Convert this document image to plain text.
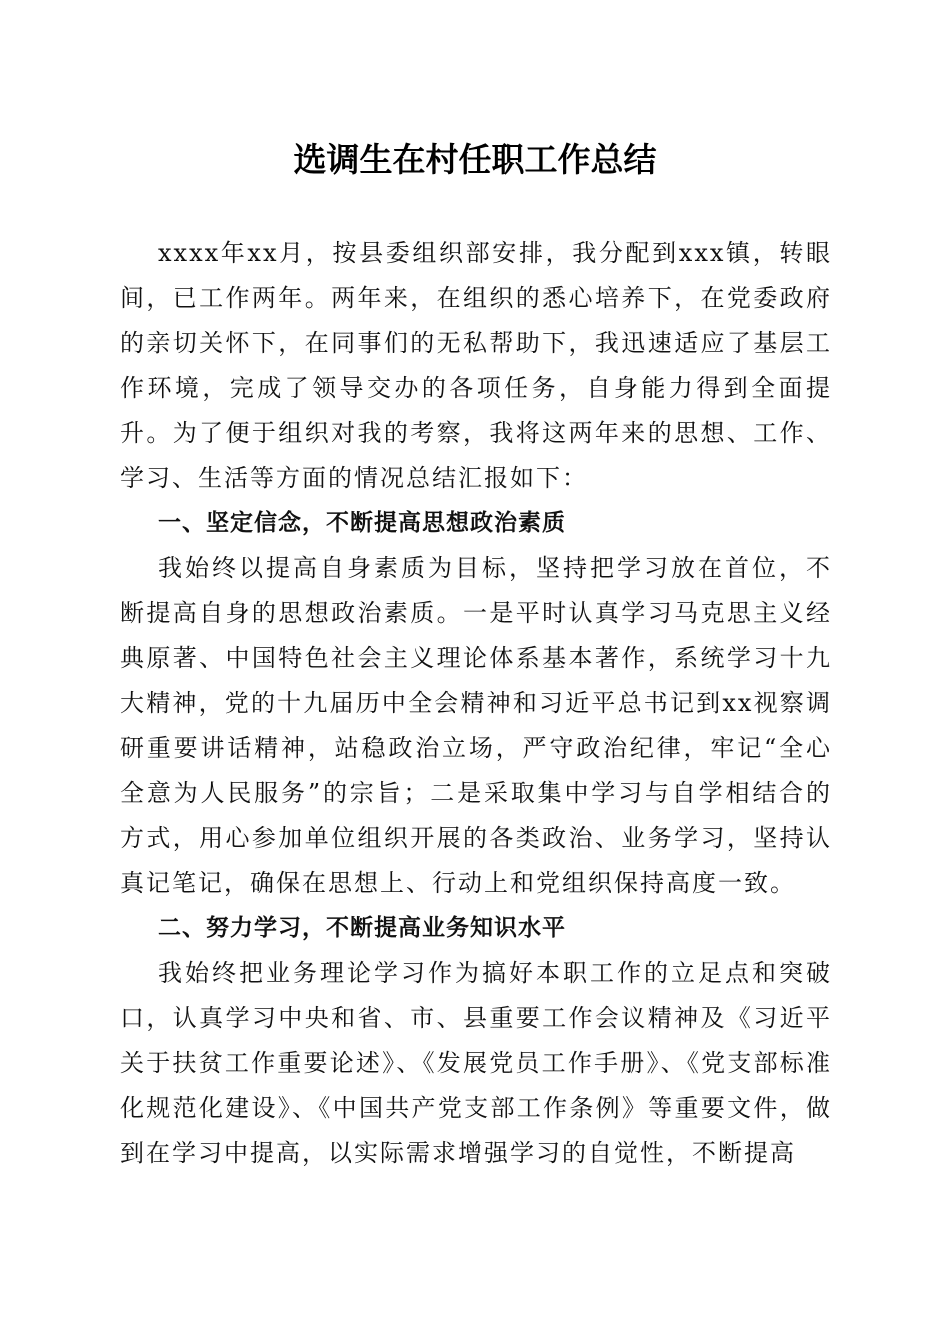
选调生在村任职工作总结

xxxx年xx月，按县委组织部安排，我分配到xxx镇，转眼间，已工作两年。两年来，在组织的悉心培养下，在党委政府的亲切关怀下，在同事们的无私帮助下，我迅速适应了基层工作环境，完成了领导交办的各项任务，自身能力得到全面提升。为了便于组织对我的考察，我将这两年来的思想、工作、学习、生活等方面的情况总结汇报如下：

一、坚定信念，不断提高思想政治素质

我始终以提高自身素质为目标，坚持把学习放在首位，不断提高自身的思想政治素质。一是平时认真学习马克思主义经典原著、中国特色社会主义理论体系基本著作，系统学习十九大精神，党的十九届历中全会精神和习近平总书记到xx视察调研重要讲话精神，站稳政治立场，严守政治纪律，牢记“全心全意为人民服务”的宗旨；二是采取集中学习与自学相结合的方式，用心参加单位组织开展的各类政治、业务学习，坚持认真记笔记，确保在思想上、行动上和党组织保持高度一致。

二、努力学习，不断提高业务知识水平

我始终把业务理论学习作为搞好本职工作的立足点和突破口，认真学习中央和省、市、县重要工作会议精神及《习近平关于扶贫工作重要论述》、《发展党员工作手册》、《党支部标准化规范化建设》、《中国共产党支部工作条例》等重要文件，做到在学习中提高，以实际需求增强学习的自觉性，不断提高
